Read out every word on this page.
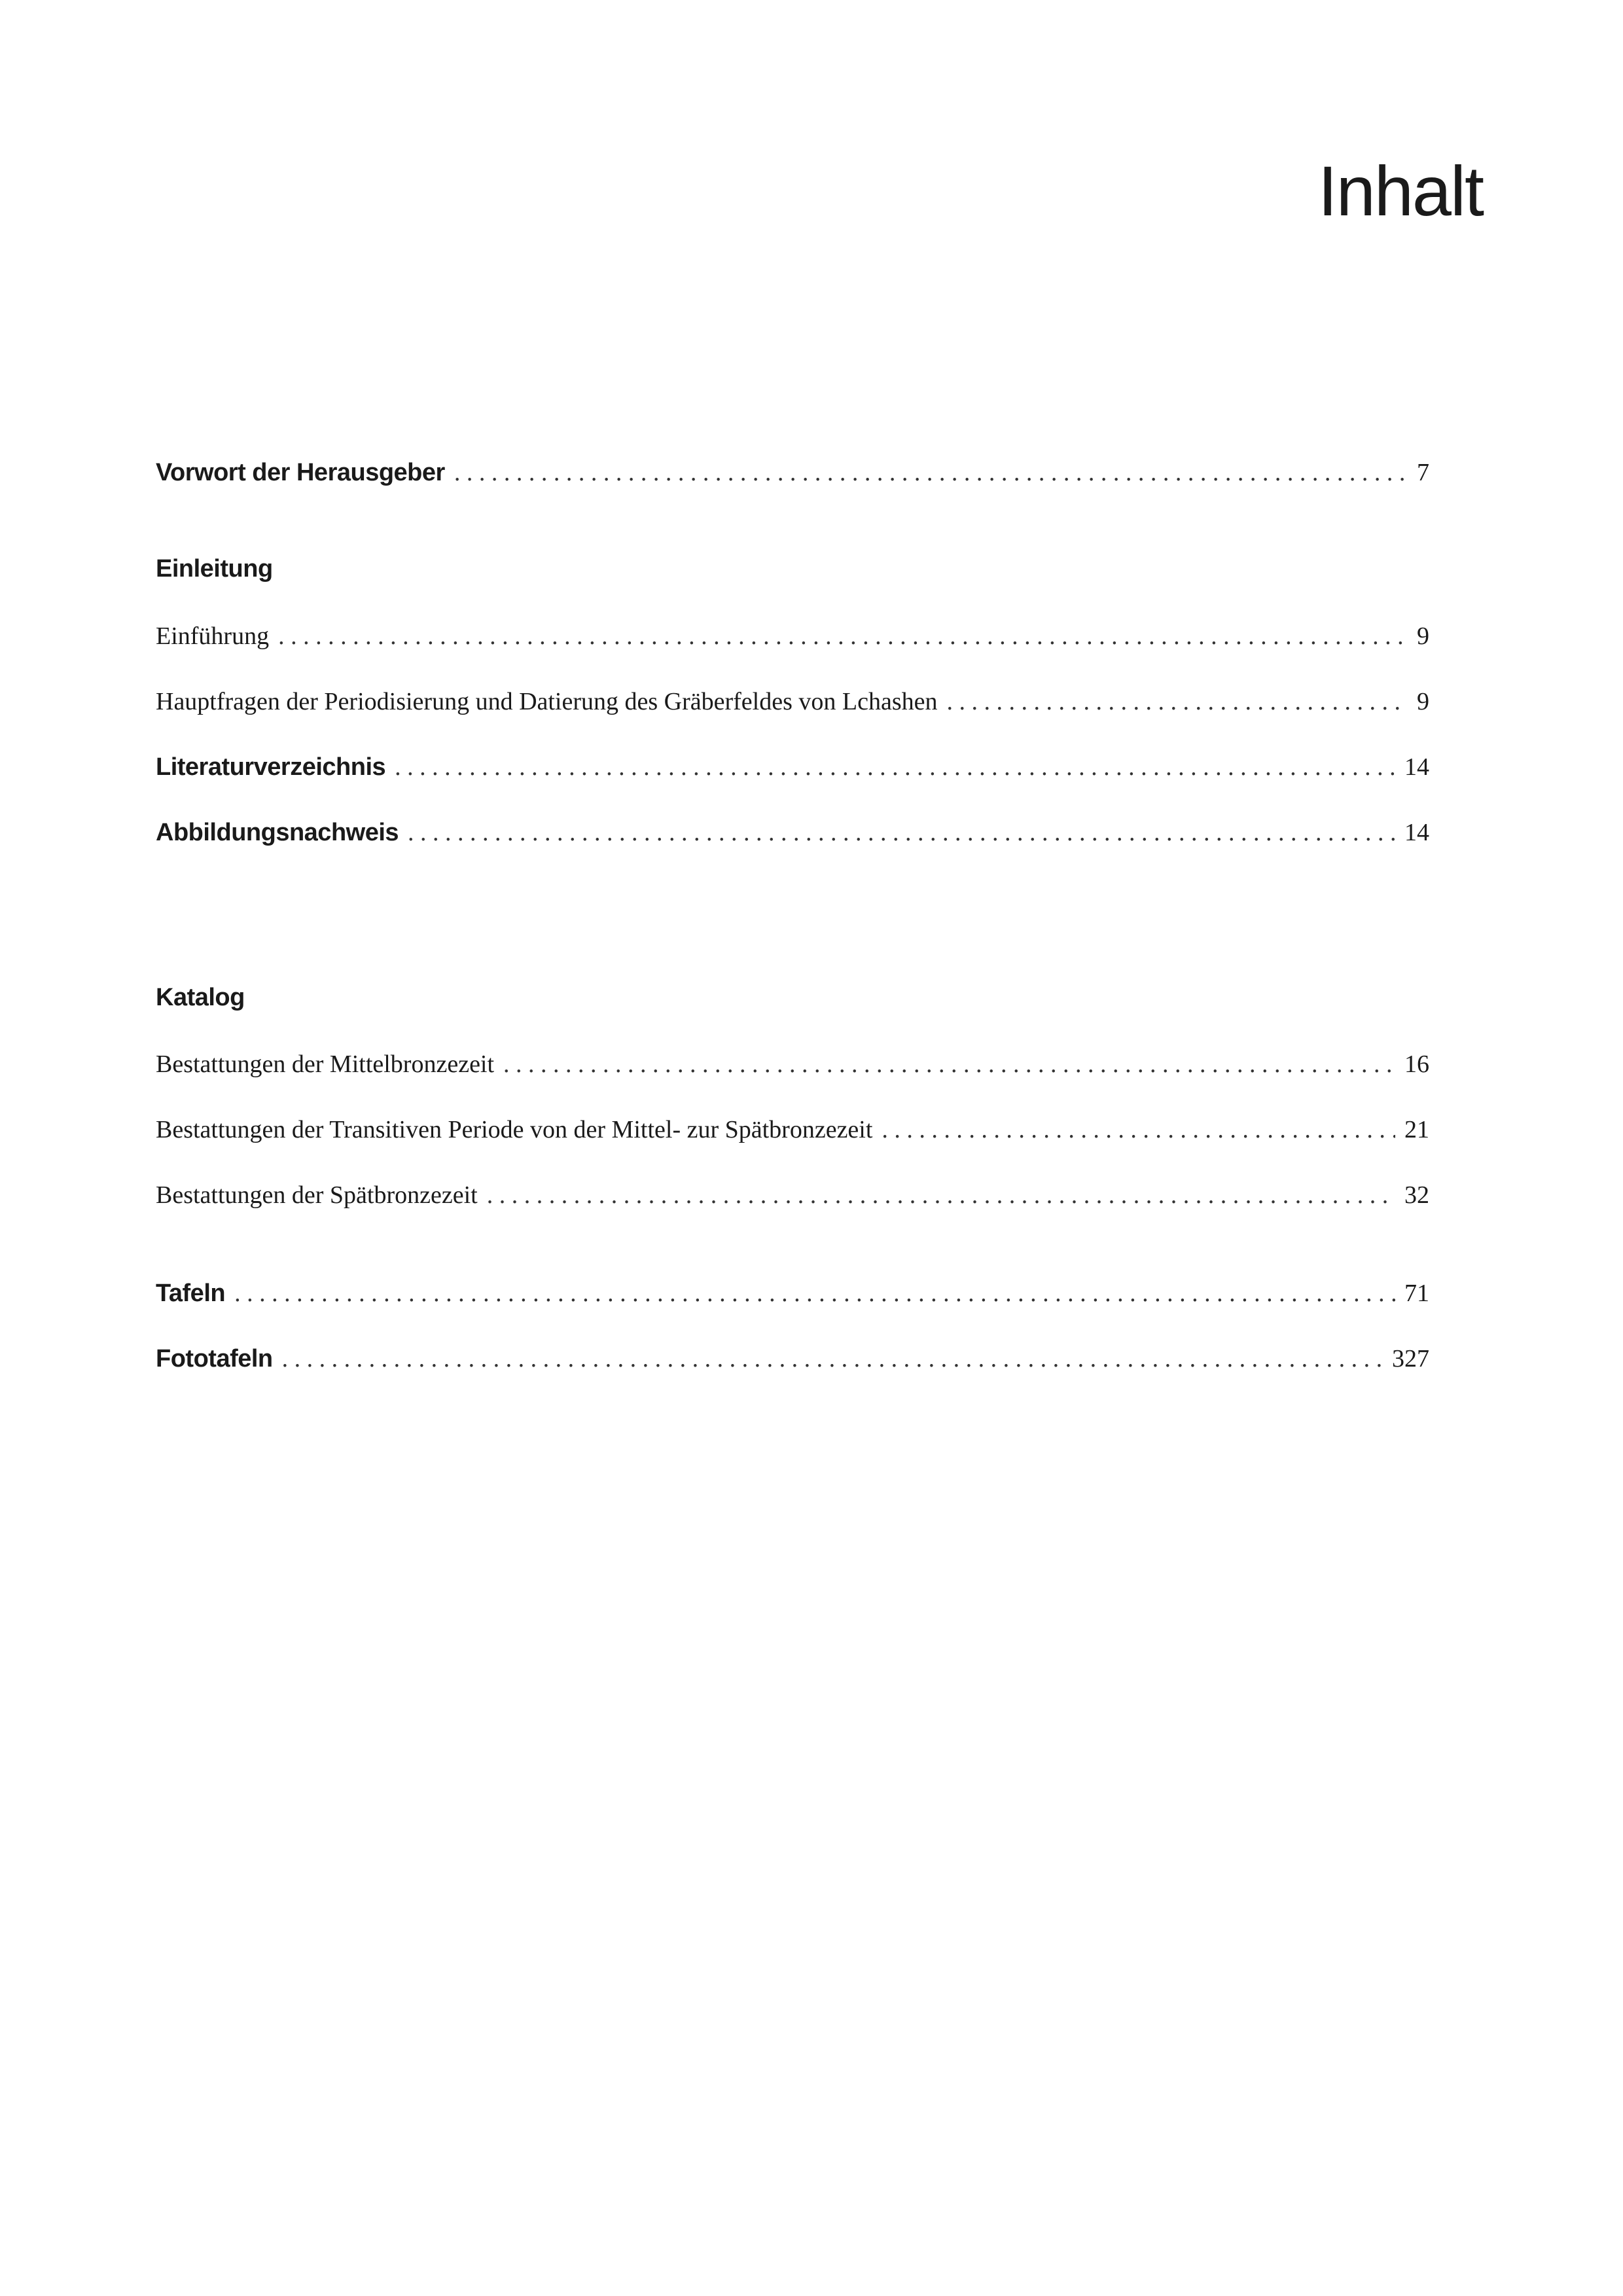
Inhalt
Vorwort der Herausgeber . . .	7
Einleitung
Einführung . . .	9
Hauptfragen der Periodisierung und Datierung des Gräberfeldes von Lchashen . . .	9
Literaturverzeichnis . . .	14
Abbildungsnachweis . . .	14
Katalog
Bestattungen der Mittelbronzezeit . . .	16
Bestattungen der Transitiven Periode von der Mittel- zur Spätbronzezeit . . .	21
Bestattungen der Spätbronzezeit . . .	32
Tafeln . . .	71
Fototafeln . . .	327
